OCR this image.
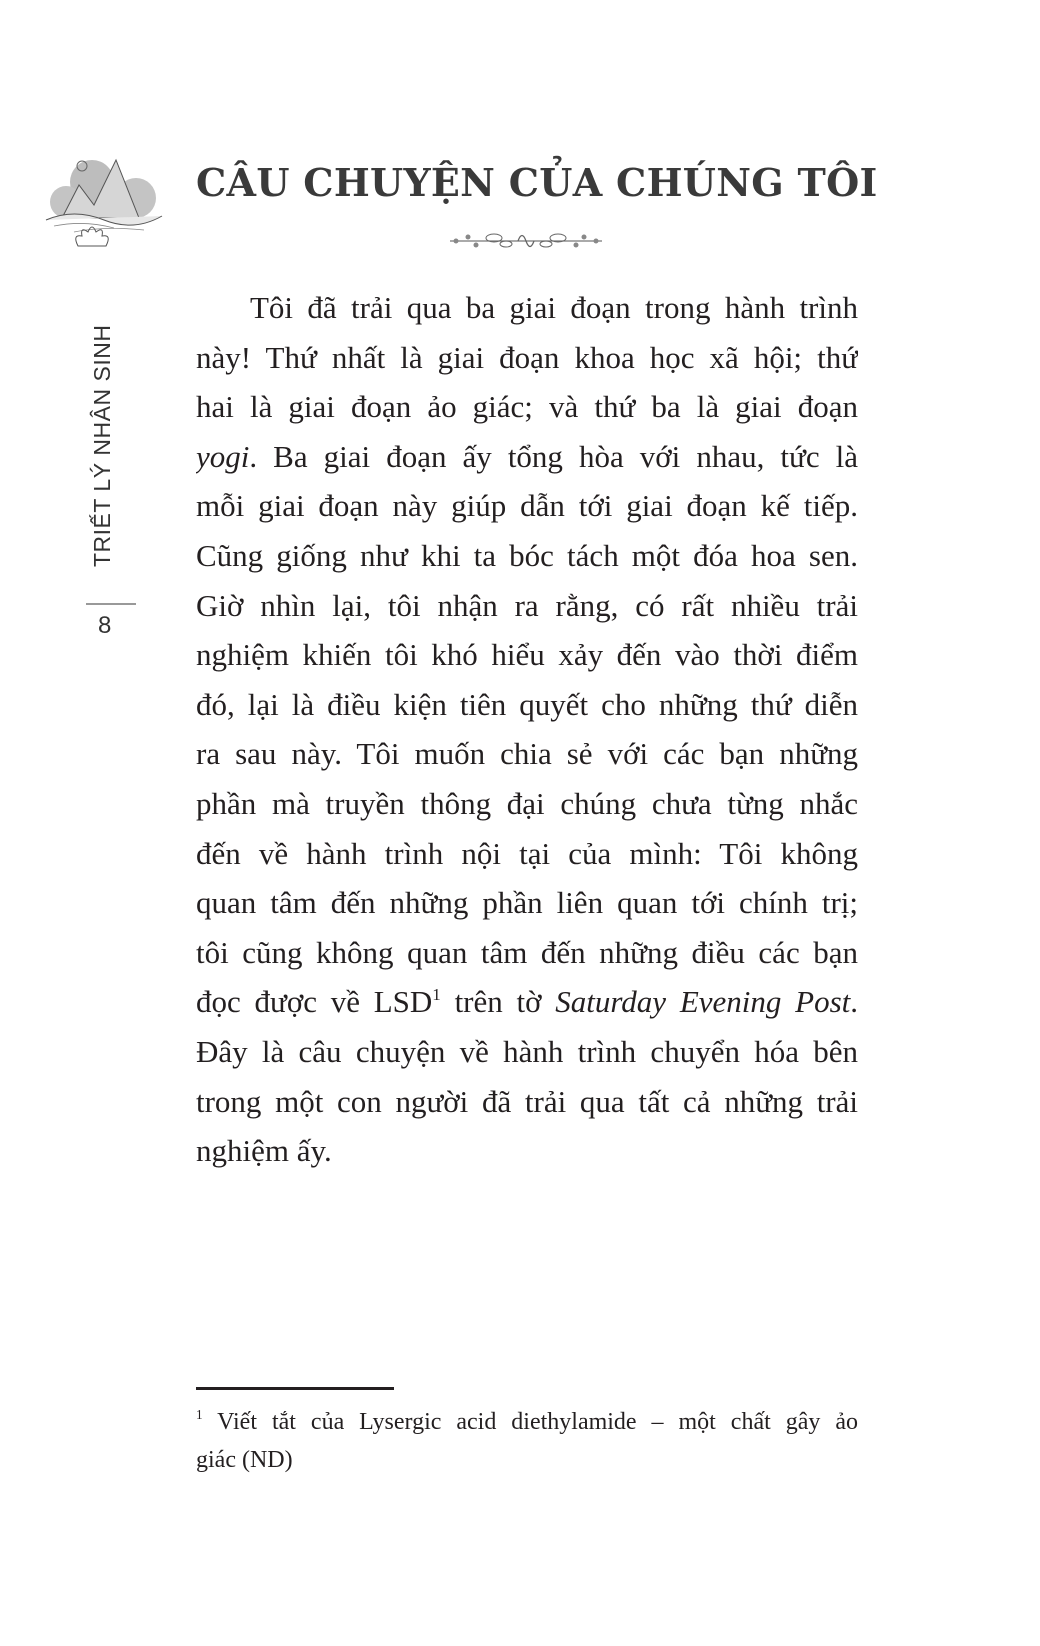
CÂU CHUYỆN CỦA CHÚNG TÔI
TRIẾT LÝ NHÂN SINH
8
Tôi đã trải qua ba giai đoạn trong hành trình
này! Thứ nhất là giai đoạn khoa học xã hội; thứ
hai là giai đoạn ảo giác; và thứ ba là giai đoạn
yogi. Ba giai đoạn ấy tổng hòa với nhau, tức là
mỗi giai đoạn này giúp dẫn tới giai đoạn kế tiếp.
Cũng giống như khi ta bóc tách một đóa hoa sen.
Giờ nhìn lại, tôi nhận ra rằng, có rất nhiều trải
nghiệm khiến tôi khó hiểu xảy đến vào thời điểm
đó, lại là điều kiện tiên quyết cho những thứ diễn
ra sau này. Tôi muốn chia sẻ với các bạn những
phần mà truyền thông đại chúng chưa từng nhắc
đến về hành trình nội tại của mình: Tôi không
quan tâm đến những phần liên quan tới chính trị;
tôi cũng không quan tâm đến những điều các bạn
đọc được về LSD$^1$ trên tờ Saturday Evening Post.
Đây là câu chuyện về hành trình chuyển hóa bên
trong một con người đã trải qua tất cả những trải
nghiệm ấy.
$^1$ Viết tắt của Lysergic acid diethylamide – một chất gây ảo
giác (ND)
